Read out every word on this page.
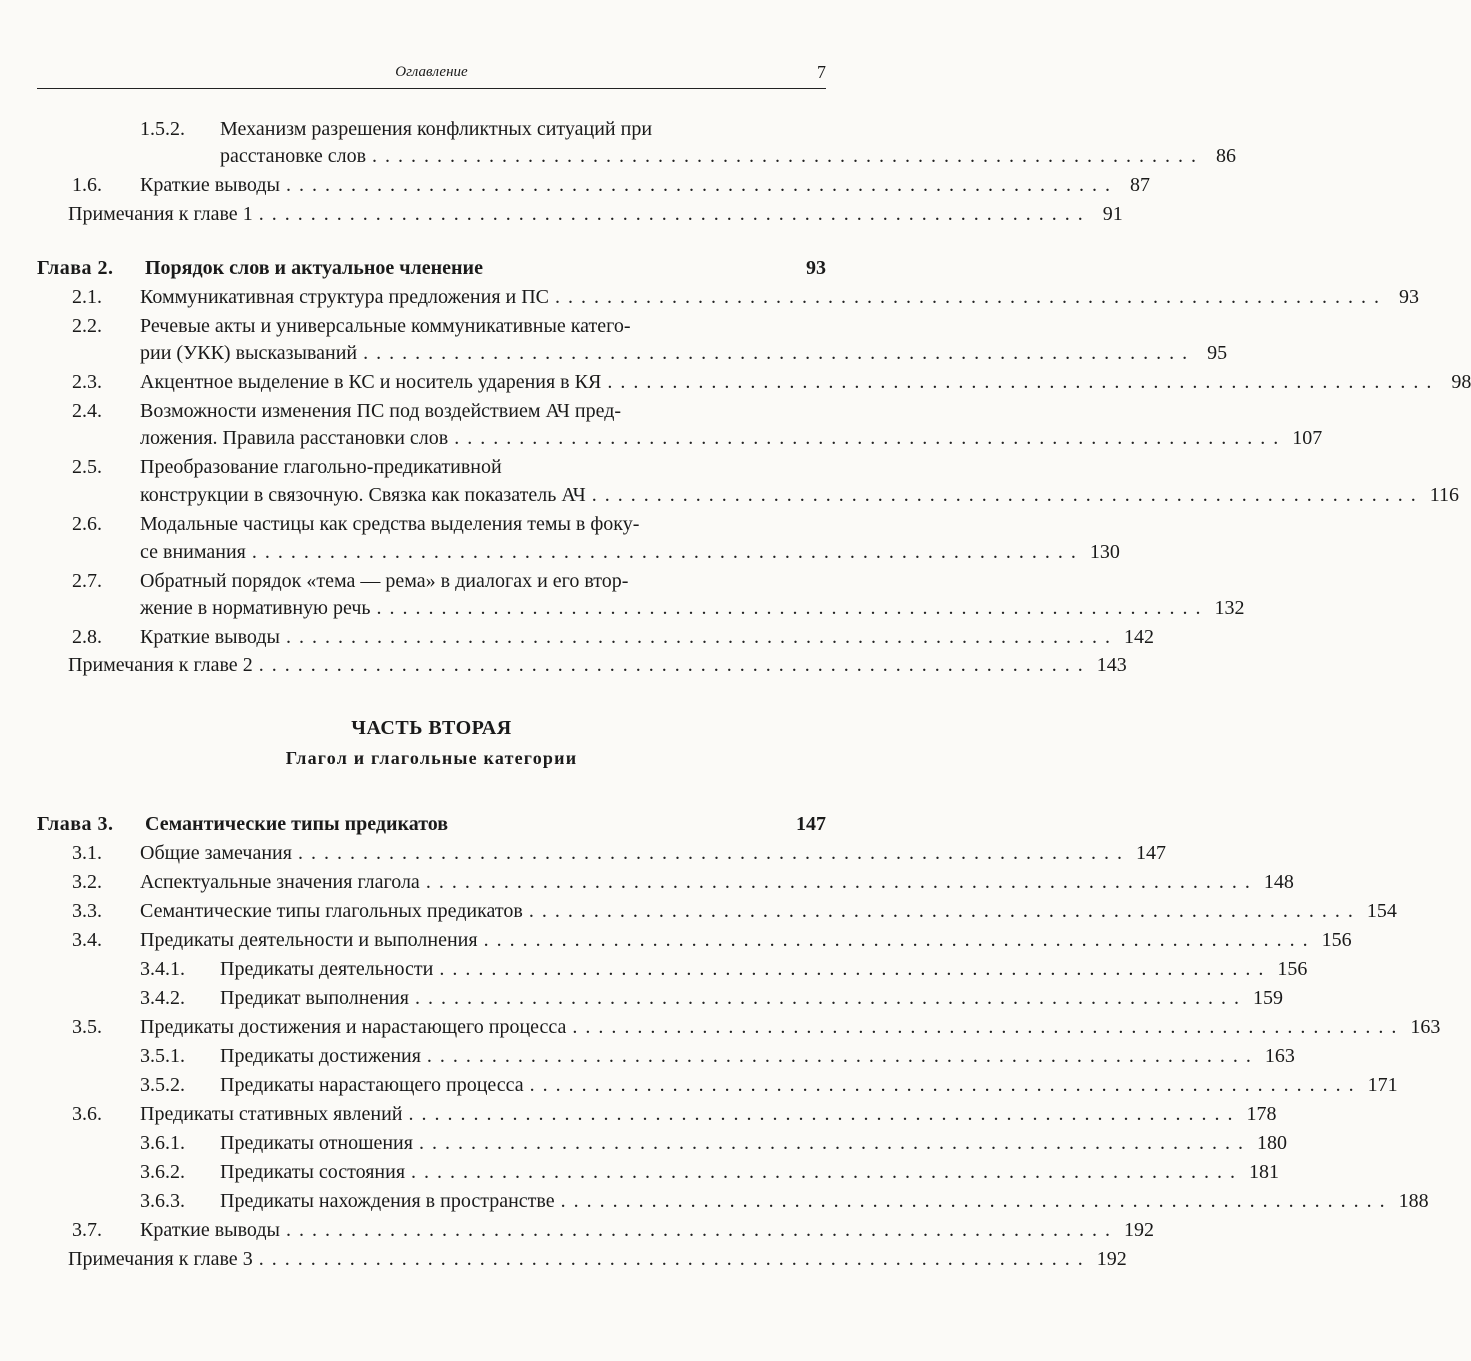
Оглавление	7
1.5.2. Механизм разрешения конфликтных ситуаций при
расстановке слов ................................................................ 86
1.6. Краткие выводы ................................................................ 87
Примечания к главе 1 ................................................................ 91
Глава 2. Порядок слов и актуальное членение	93
2.1. Коммуникативная структура предложения и ПС ................................................................ 93
2.2. Речевые акты и универсальные коммуникативные катего-
рии (УКК) высказываний ................................................................ 95
2.3. Акцентное выделение в КС и носитель ударения в КЯ ................................................................ 98
2.4. Возможности изменения ПС под воздействием АЧ пред-
ложения. Правила расстановки слов ................................................................ 107
2.5. Преобразование глагольно-предикативной
конструкции в связочную. Связка как показатель АЧ ................................................................ 116
2.6. Модальные частицы как средства выделения темы в фоку-
се внимания ................................................................ 130
2.7. Обратный порядок «тема — рема» в диалогах и его втор-
жение в нормативную речь ................................................................ 132
2.8. Краткие выводы ................................................................ 142
Примечания к главе 2 ................................................................ 143
ЧАСТЬ ВТОРАЯ
Глагол и глагольные категории
Глава 3. Семантические типы предикатов	147
3.1. Общие замечания ................................................................ 147
3.2. Аспектуальные значения глагола ................................................................ 148
3.3. Семантические типы глагольных предикатов ................................................................ 154
3.4. Предикаты деятельности и выполнения ................................................................ 156
3.4.1. Предикаты деятельности ................................................................ 156
3.4.2. Предикат выполнения ................................................................ 159
3.5. Предикаты достижения и нарастающего процесса ................................................................ 163
3.5.1. Предикаты достижения ................................................................ 163
3.5.2. Предикаты нарастающего процесса ................................................................ 171
3.6. Предикаты стативных явлений ................................................................ 178
3.6.1. Предикаты отношения ................................................................ 180
3.6.2. Предикаты состояния ................................................................ 181
3.6.3. Предикаты нахождения в пространстве ................................................................ 188
3.7. Краткие выводы ................................................................ 192
Примечания к главе 3 ................................................................ 192
